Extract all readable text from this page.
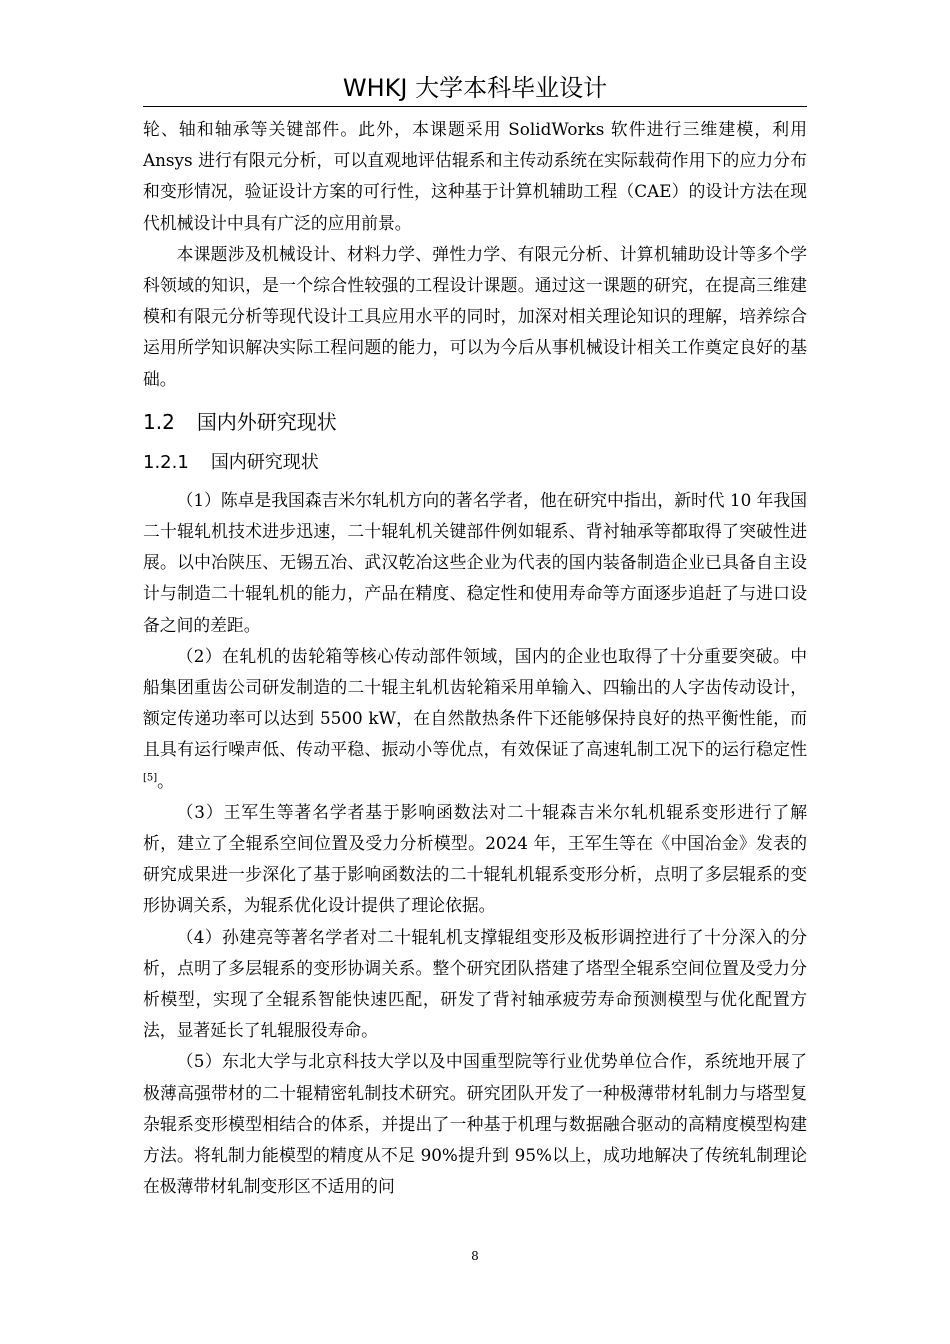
WHKJ 大学本科毕业设计

轮、轴和轴承等关键部件。此外，本课题采用 SolidWorks 软件进行三维建模，利用 Ansys 进行有限元分析，可以直观地评估辊系和主传动系统在实际载荷作用下的应力分布和变形情况，验证设计方案的可行性，这种基于计算机辅助工程（CAE）的设计方法在现代机械设计中具有广泛的应用前景。

本课题涉及机械设计、材料力学、弹性力学、有限元分析、计算机辅助设计等多个学科领域的知识，是一个综合性较强的工程设计课题。通过这一课题的研究，在提高三维建模和有限元分析等现代设计工具应用水平的同时，加深对相关理论知识的理解，培养综合运用所学知识解决实际工程问题的能力，可以为今后从事机械设计相关工作奠定良好的基础。

1.2 国内外研究现状
1.2.1 国内研究现状

（1）陈卓是我国森吉米尔轧机方向的著名学者，他在研究中指出，新时代 10 年我国二十辊轧机技术进步迅速，二十辊轧机关键部件例如辊系、背衬轴承等都取得了突破性进展。以中冶陕压、无锡五冶、武汉乾冶这些企业为代表的国内装备制造企业已具备自主设计与制造二十辊轧机的能力，产品在精度、稳定性和使用寿命等方面逐步追赶了与进口设备之间的差距。

（2）在轧机的齿轮箱等核心传动部件领域，国内的企业也取得了十分重要突破。中船集团重齿公司研发制造的二十辊主轧机齿轮箱采用单输入、四输出的人字齿传动设计，额定传递功率可以达到 5500 kW，在自然散热条件下还能够保持良好的热平衡性能，而且具有运行噪声低、传动平稳、振动小等优点，有效保证了高速轧制工况下的运行稳定性[5]。

（3）王军生等著名学者基于影响函数法对二十辊森吉米尔轧机辊系变形进行了解析，建立了全辊系空间位置及受力分析模型。2024 年，王军生等在《中国冶金》发表的研究成果进一步深化了基于影响函数法的二十辊轧机辊系变形分析，点明了多层辊系的变形协调关系，为辊系优化设计提供了理论依据。

（4）孙建亮等著名学者对二十辊轧机支撑辊组变形及板形调控进行了十分深入的分析，点明了多层辊系的变形协调关系。整个研究团队搭建了塔型全辊系空间位置及受力分析模型，实现了全辊系智能快速匹配，研发了背衬轴承疲劳寿命预测模型与优化配置方法，显著延长了轧辊服役寿命。

（5）东北大学与北京科技大学以及中国重型院等行业优势单位合作，系统地开展了极薄高强带材的二十辊精密轧制技术研究。研究团队开发了一种极薄带材轧制力与塔型复杂辊系变形模型相结合的体系，并提出了一种基于机理与数据融合驱动的高精度模型构建方法。将轧制力能模型的精度从不足 90%提升到 95%以上，成功地解决了传统轧制理论在极薄带材轧制变形区不适用的问

8
